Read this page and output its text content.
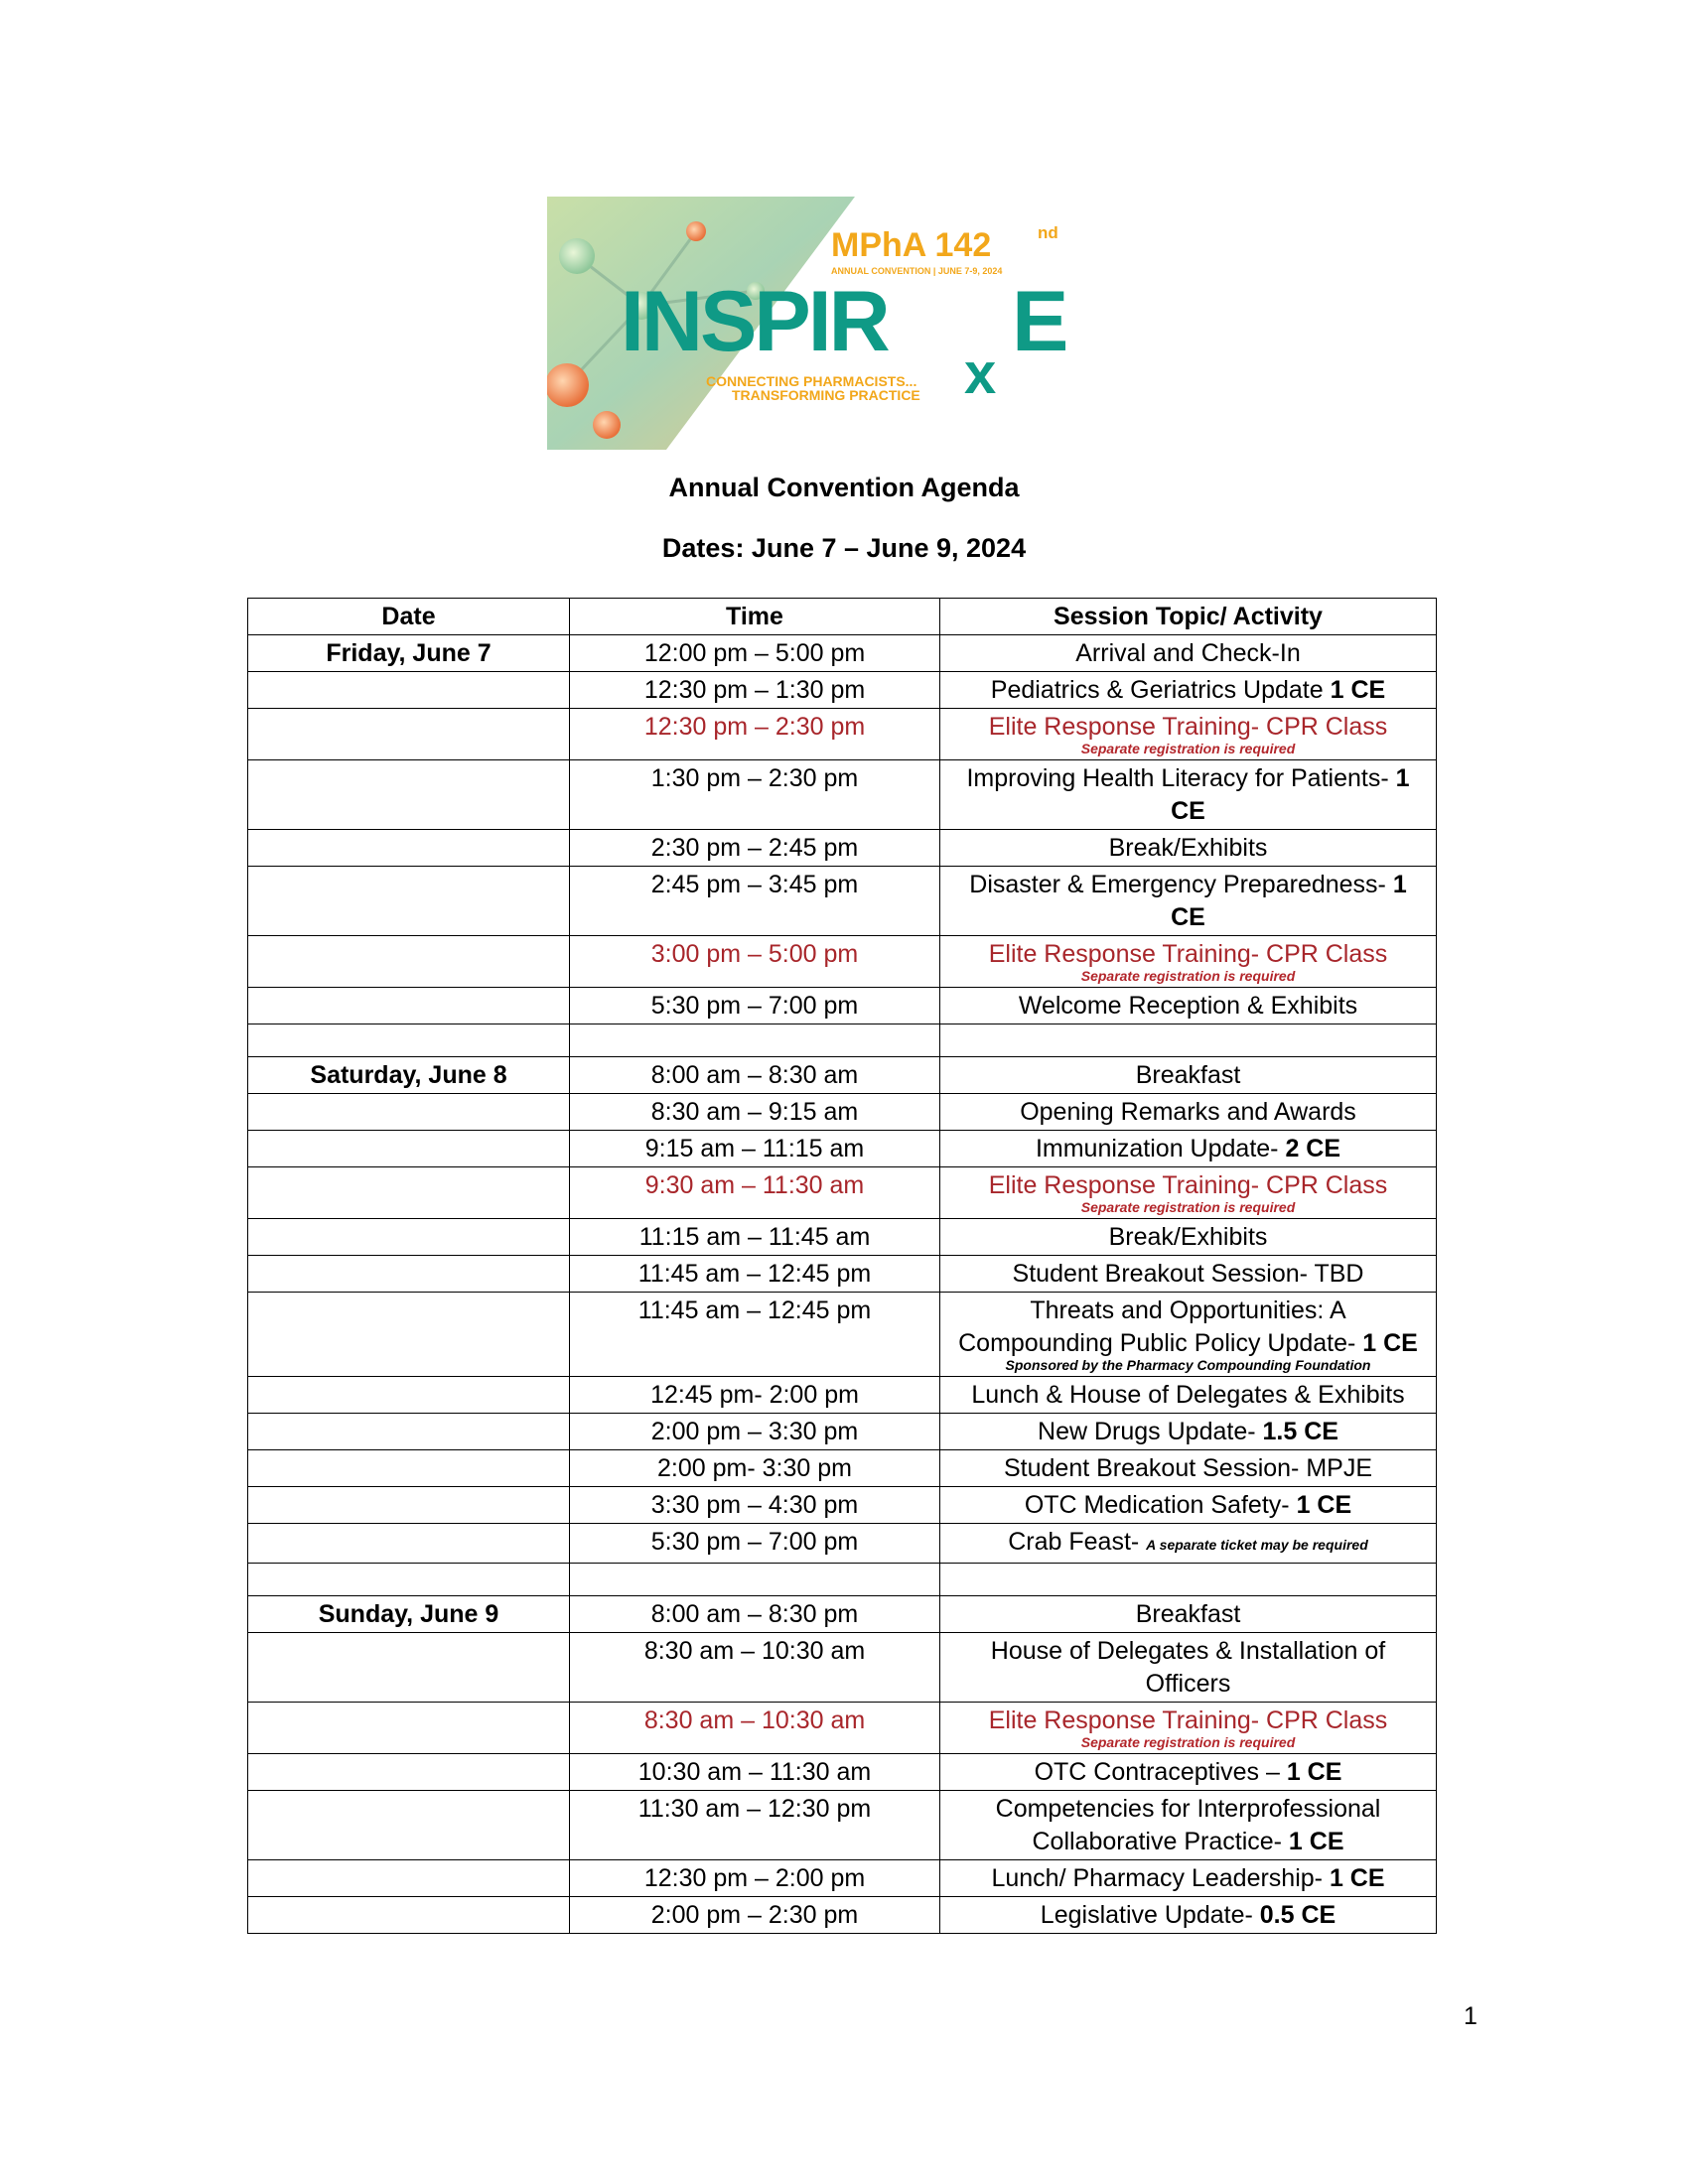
MPhA 142	nd
ANNUAL CONVENTION | JUNE 7-9, 2024
INSPIR E
x
CONNECTING PHARMACISTS...
TRANSFORMING PRACTICE
Annual Convention Agenda
Dates: June 7 – June 9, 2024
Date	Time	Session Topic/ Activity
Friday, June 7	12:00 pm – 5:00 pm	Arrival and Check-In
	12:30 pm – 1:30 pm	Pediatrics & Geriatrics Update 1 CE
	12:30 pm – 2:30 pm	Elite Response Training- CPR Class
Separate registration is required

	1:30 pm – 2:30 pm	Improving Health Literacy for Patients- 1 CE
	2:30 pm – 2:45 pm	Break/Exhibits
	2:45 pm – 3:45 pm	Disaster & Emergency Preparedness- 1 CE
	3:00 pm – 5:00 pm	Elite Response Training- CPR Class
Separate registration is required

	5:30 pm – 7:00 pm	Welcome Reception & Exhibits

Saturday, June 8	8:00 am – 8:30 am	Breakfast
	8:30 am – 9:15 am	Opening Remarks and Awards
	9:15 am – 11:15 am	Immunization Update- 2 CE
	9:30 am – 11:30 am	Elite Response Training- CPR Class
Separate registration is required

	11:15 am – 11:45 am	Break/Exhibits
	11:45 am – 12:45 pm	Student Breakout Session- TBD
	11:45 am – 12:45 pm	Threats and Opportunities: A Compounding Public Policy Update- 1 CE
Sponsored by the Pharmacy Compounding Foundation

	12:45 pm- 2:00 pm	Lunch & House of Delegates & Exhibits
	2:00 pm – 3:30 pm	New Drugs Update- 1.5 CE
	2:00 pm- 3:30 pm	Student Breakout Session- MPJE
	3:30 pm – 4:30 pm	OTC Medication Safety- 1 CE
	5:30 pm – 7:00 pm	Crab Feast- A separate ticket may be required

Sunday, June 9	8:00 am – 8:30 pm	Breakfast
	8:30 am – 10:30 am	House of Delegates & Installation of Officers
	8:30 am – 10:30 am	Elite Response Training- CPR Class
Separate registration is required

	10:30 am – 11:30 am	OTC Contraceptives – 1 CE
	11:30 am – 12:30 pm	Competencies for Interprofessional Collaborative Practice- 1 CE
	12:30 pm – 2:00 pm	Lunch/ Pharmacy Leadership- 1 CE
	2:00 pm – 2:30 pm	Legislative Update- 0.5 CE
1
